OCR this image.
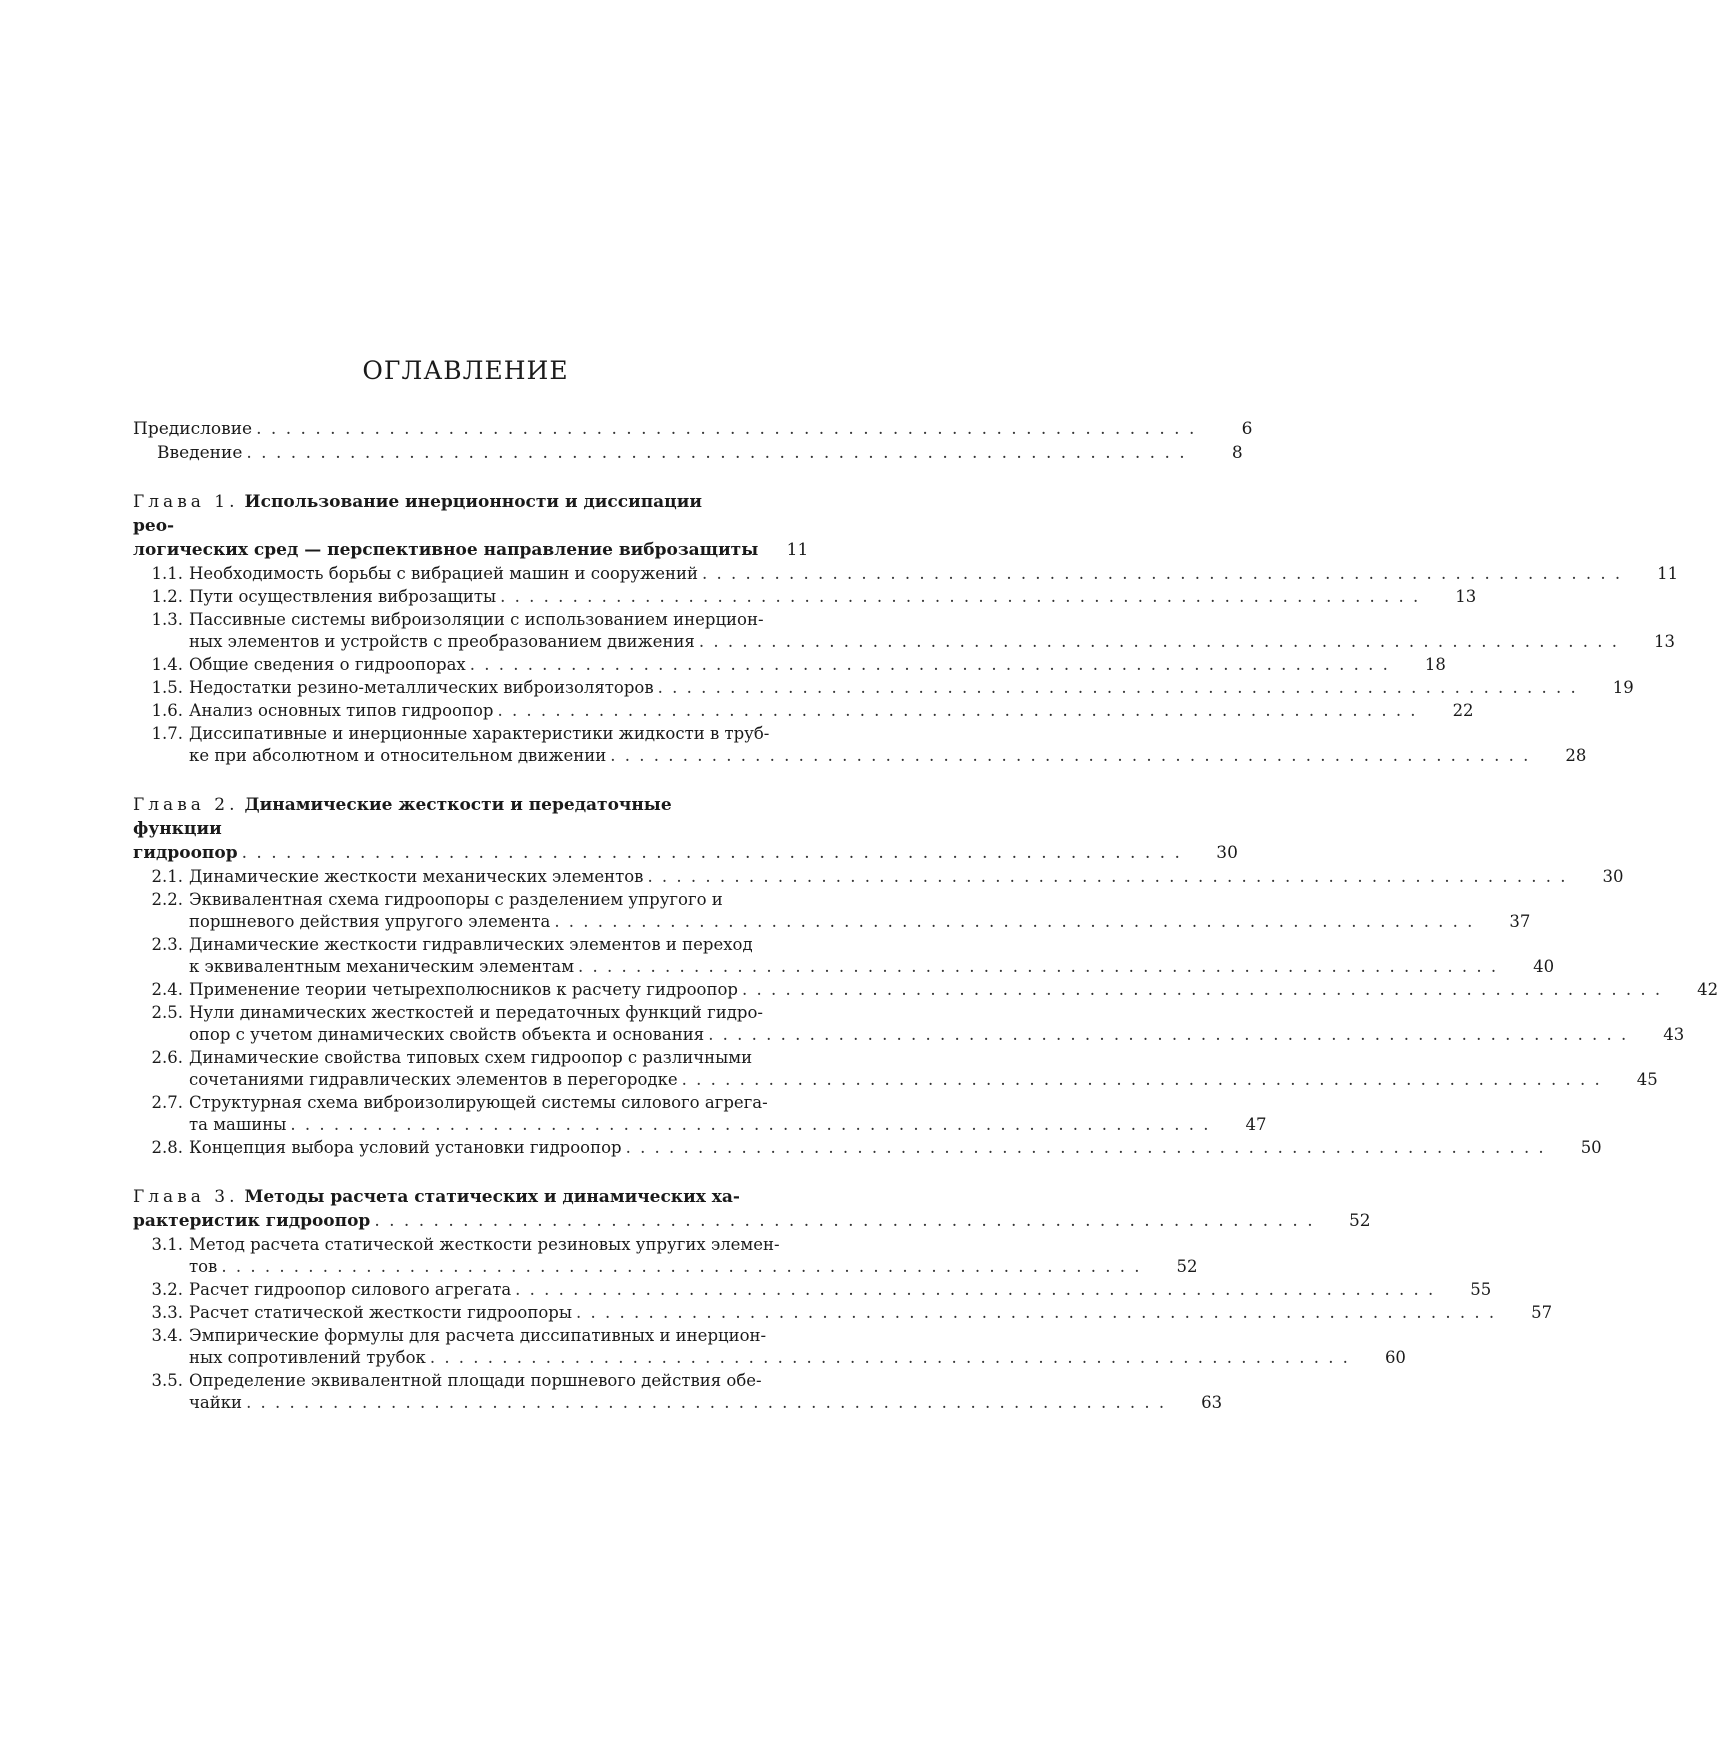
ОГЛАВЛЕНИЕ
Предисловие . . . . . . . . . . . . . . . . . . . . . . . . . . . . . . . . . . . . . . . . . . . . . . . . . . . . . . . . . . . . . . . .	6
Введение . . . . . . . . . . . . . . . . . . . . . . . . . . . . . . . . . . . . . . . . . . . . . . . . . . . . . . . . . . . . . . . .	8
Глава 1. Использование инерционности и диссипации рео-
логических сред — перспективное направление виброзащиты	11
1.1. Необходимость борьбы с вибрацией машин и сооружений . . . . . . . . . . . . . . . . . . . . . . . . . . . . . . . . . . . . . . . . . . . . . . . . . . . . . . . . . . . . . . . .	11
1.2. Пути осуществления виброзащиты . . . . . . . . . . . . . . . . . . . . . . . . . . . . . . . . . . . . . . . . . . . . . . . . . . . . . . . . . . . . . . . .	13
1.3. Пассивные системы виброизоляции с использованием инерцион-
ных элементов и устройств с преобразованием движения . . . . . . . . . . . . . . . . . . . . . . . . . . . . . . . . . . . . . . . . . . . . . . . . . . . . . . . . . . . . . . . .	13
1.4. Общие сведения о гидроопорах . . . . . . . . . . . . . . . . . . . . . . . . . . . . . . . . . . . . . . . . . . . . . . . . . . . . . . . . . . . . . . . .	18
1.5. Недостатки резино-металлических виброизоляторов . . . . . . . . . . . . . . . . . . . . . . . . . . . . . . . . . . . . . . . . . . . . . . . . . . . . . . . . . . . . . . . .	19
1.6. Анализ основных типов гидроопор . . . . . . . . . . . . . . . . . . . . . . . . . . . . . . . . . . . . . . . . . . . . . . . . . . . . . . . . . . . . . . . .	22
1.7. Диссипативные и инерционные характеристики жидкости в труб-
ке при абсолютном и относительном движении . . . . . . . . . . . . . . . . . . . . . . . . . . . . . . . . . . . . . . . . . . . . . . . . . . . . . . . . . . . . . . . .	28
Глава 2. Динамические жесткости и передаточные функции
гидроопор . . . . . . . . . . . . . . . . . . . . . . . . . . . . . . . . . . . . . . . . . . . . . . . . . . . . . . . . . . . . . . . .	30
2.1. Динамические жесткости механических элементов . . . . . . . . . . . . . . . . . . . . . . . . . . . . . . . . . . . . . . . . . . . . . . . . . . . . . . . . . . . . . . . .	30
2.2. Эквивалентная схема гидроопоры с разделением упругого и
поршневого действия упругого элемента . . . . . . . . . . . . . . . . . . . . . . . . . . . . . . . . . . . . . . . . . . . . . . . . . . . . . . . . . . . . . . . .	37
2.3. Динамические жесткости гидравлических элементов и переход
к эквивалентным механическим элементам . . . . . . . . . . . . . . . . . . . . . . . . . . . . . . . . . . . . . . . . . . . . . . . . . . . . . . . . . . . . . . . .	40
2.4. Применение теории четырехполюсников к расчету гидроопор . . . . . . . . . . . . . . . . . . . . . . . . . . . . . . . . . . . . . . . . . . . . . . . . . . . . . . . . . . . . . . . .	42
2.5. Нули динамических жесткостей и передаточных функций гидро-
опор с учетом динамических свойств объекта и основания . . . . . . . . . . . . . . . . . . . . . . . . . . . . . . . . . . . . . . . . . . . . . . . . . . . . . . . . . . . . . . . .	43
2.6. Динамические свойства типовых схем гидроопор с различными
сочетаниями гидравлических элементов в перегородке . . . . . . . . . . . . . . . . . . . . . . . . . . . . . . . . . . . . . . . . . . . . . . . . . . . . . . . . . . . . . . . .	45
2.7. Структурная схема виброизолирующей системы силового агрега-
та машины . . . . . . . . . . . . . . . . . . . . . . . . . . . . . . . . . . . . . . . . . . . . . . . . . . . . . . . . . . . . . . . .	47
2.8. Концепция выбора условий установки гидроопор . . . . . . . . . . . . . . . . . . . . . . . . . . . . . . . . . . . . . . . . . . . . . . . . . . . . . . . . . . . . . . . .	50
Глава 3. Методы расчета статических и динамических ха-
рактеристик гидроопор . . . . . . . . . . . . . . . . . . . . . . . . . . . . . . . . . . . . . . . . . . . . . . . . . . . . . . . . . . . . . . . .	52
3.1. Метод расчета статической жесткости резиновых упругих элемен-
тов . . . . . . . . . . . . . . . . . . . . . . . . . . . . . . . . . . . . . . . . . . . . . . . . . . . . . . . . . . . . . . . .	52
3.2. Расчет гидроопор силового агрегата . . . . . . . . . . . . . . . . . . . . . . . . . . . . . . . . . . . . . . . . . . . . . . . . . . . . . . . . . . . . . . . .	55
3.3. Расчет статической жесткости гидроопоры . . . . . . . . . . . . . . . . . . . . . . . . . . . . . . . . . . . . . . . . . . . . . . . . . . . . . . . . . . . . . . . .	57
3.4. Эмпирические формулы для расчета диссипативных и инерцион-
ных сопротивлений трубок . . . . . . . . . . . . . . . . . . . . . . . . . . . . . . . . . . . . . . . . . . . . . . . . . . . . . . . . . . . . . . . .	60
3.5. Определение эквивалентной площади поршневого действия обе-
чайки . . . . . . . . . . . . . . . . . . . . . . . . . . . . . . . . . . . . . . . . . . . . . . . . . . . . . . . . . . . . . . . .	63
